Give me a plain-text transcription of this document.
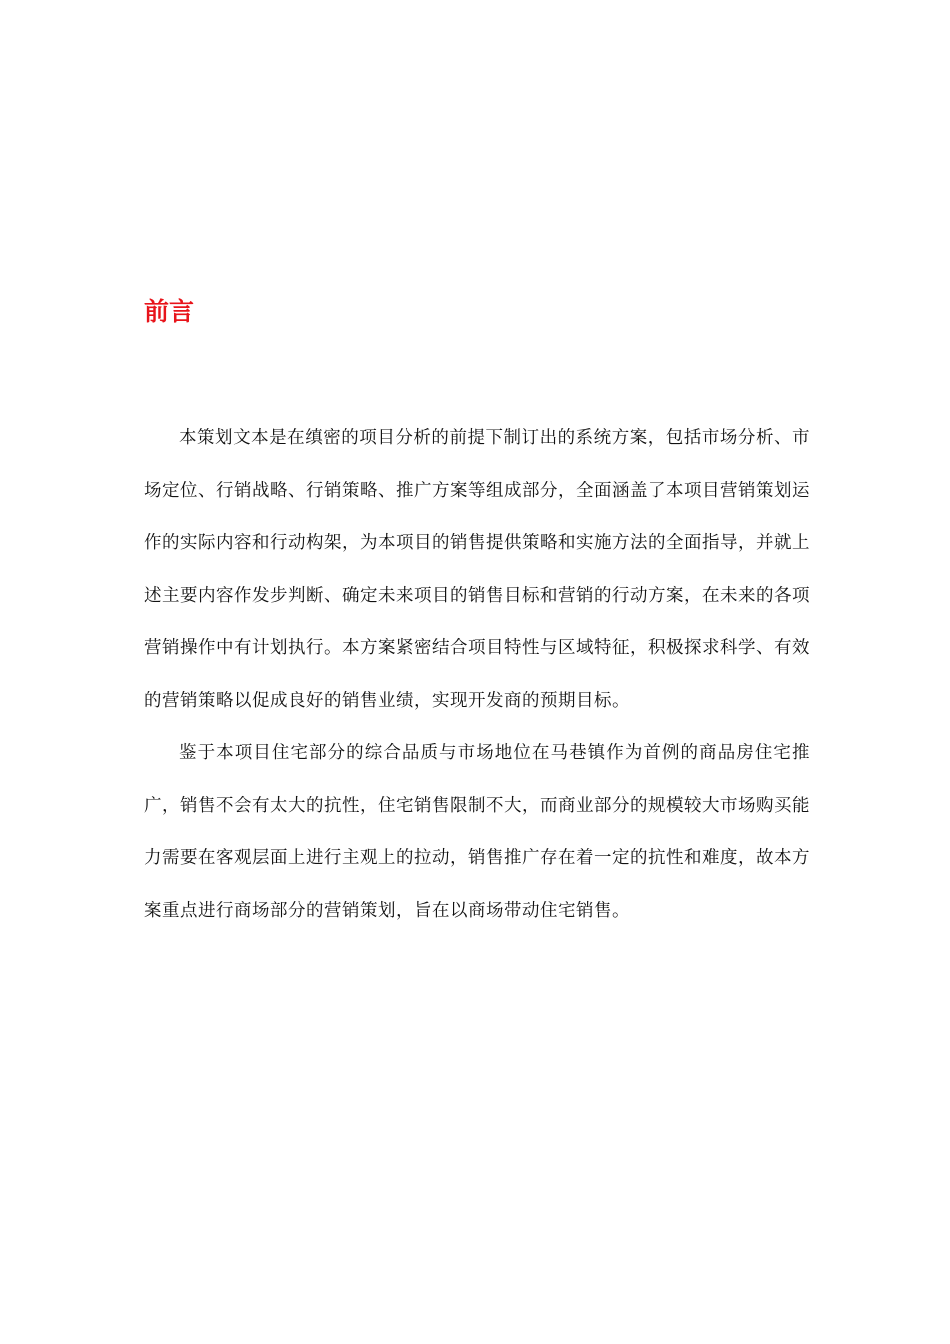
前言

本策划文本是在缜密的项目分析的前提下制订出的系统方案，包括市场分析、市场定位、行销战略、行销策略、推广方案等组成部分，全面涵盖了本项目营销策划运作的实际内容和行动构架，为本项目的销售提供策略和实施方法的全面指导，并就上述主要内容作发步判断、确定未来项目的销售目标和营销的行动方案，在未来的各项营销操作中有计划执行。本方案紧密结合项目特性与区域特征，积极探求科学、有效的营销策略以促成良好的销售业绩，实现开发商的预期目标。

鉴于本项目住宅部分的综合品质与市场地位在马巷镇作为首例的商品房住宅推广，销售不会有太大的抗性，住宅销售限制不大，而商业部分的规模较大市场购买能力需要在客观层面上进行主观上的拉动，销售推广存在着一定的抗性和难度，故本方案重点进行商场部分的营销策划，旨在以商场带动住宅销售。
